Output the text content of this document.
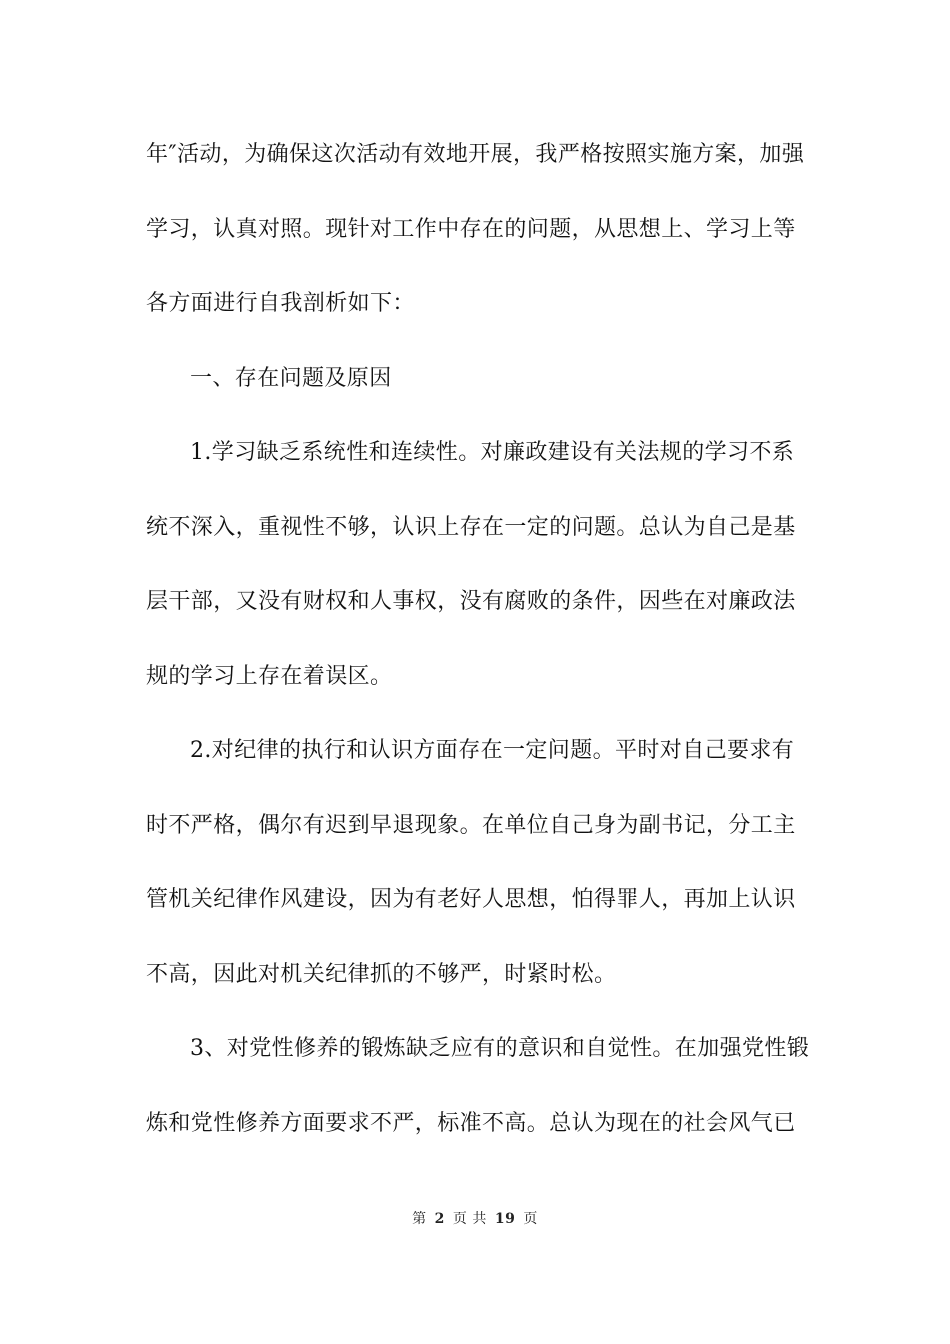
年″活动，为确保这次活动有效地开展，我严格按照实施方案，加强
学习，认真对照。现针对工作中存在的问题，从思想上、学习上等
各方面进行自我剖析如下：
一、存在问题及原因
1.学习缺乏系统性和连续性。对廉政建设有关法规的学习不系
统不深入，重视性不够，认识上存在一定的问题。总认为自己是基
层干部，又没有财权和人事权，没有腐败的条件，因些在对廉政法
规的学习上存在着误区。
2.对纪律的执行和认识方面存在一定问题。平时对自己要求有
时不严格，偶尔有迟到早退现象。在单位自己身为副书记，分工主
管机关纪律作风建设，因为有老好人思想，怕得罪人，再加上认识
不高，因此对机关纪律抓的不够严，时紧时松。
3、对党性修养的锻炼缺乏应有的意识和自觉性。在加强党性锻
炼和党性修养方面要求不严，标准不高。总认为现在的社会风气已
第 2 页 共 19 页
